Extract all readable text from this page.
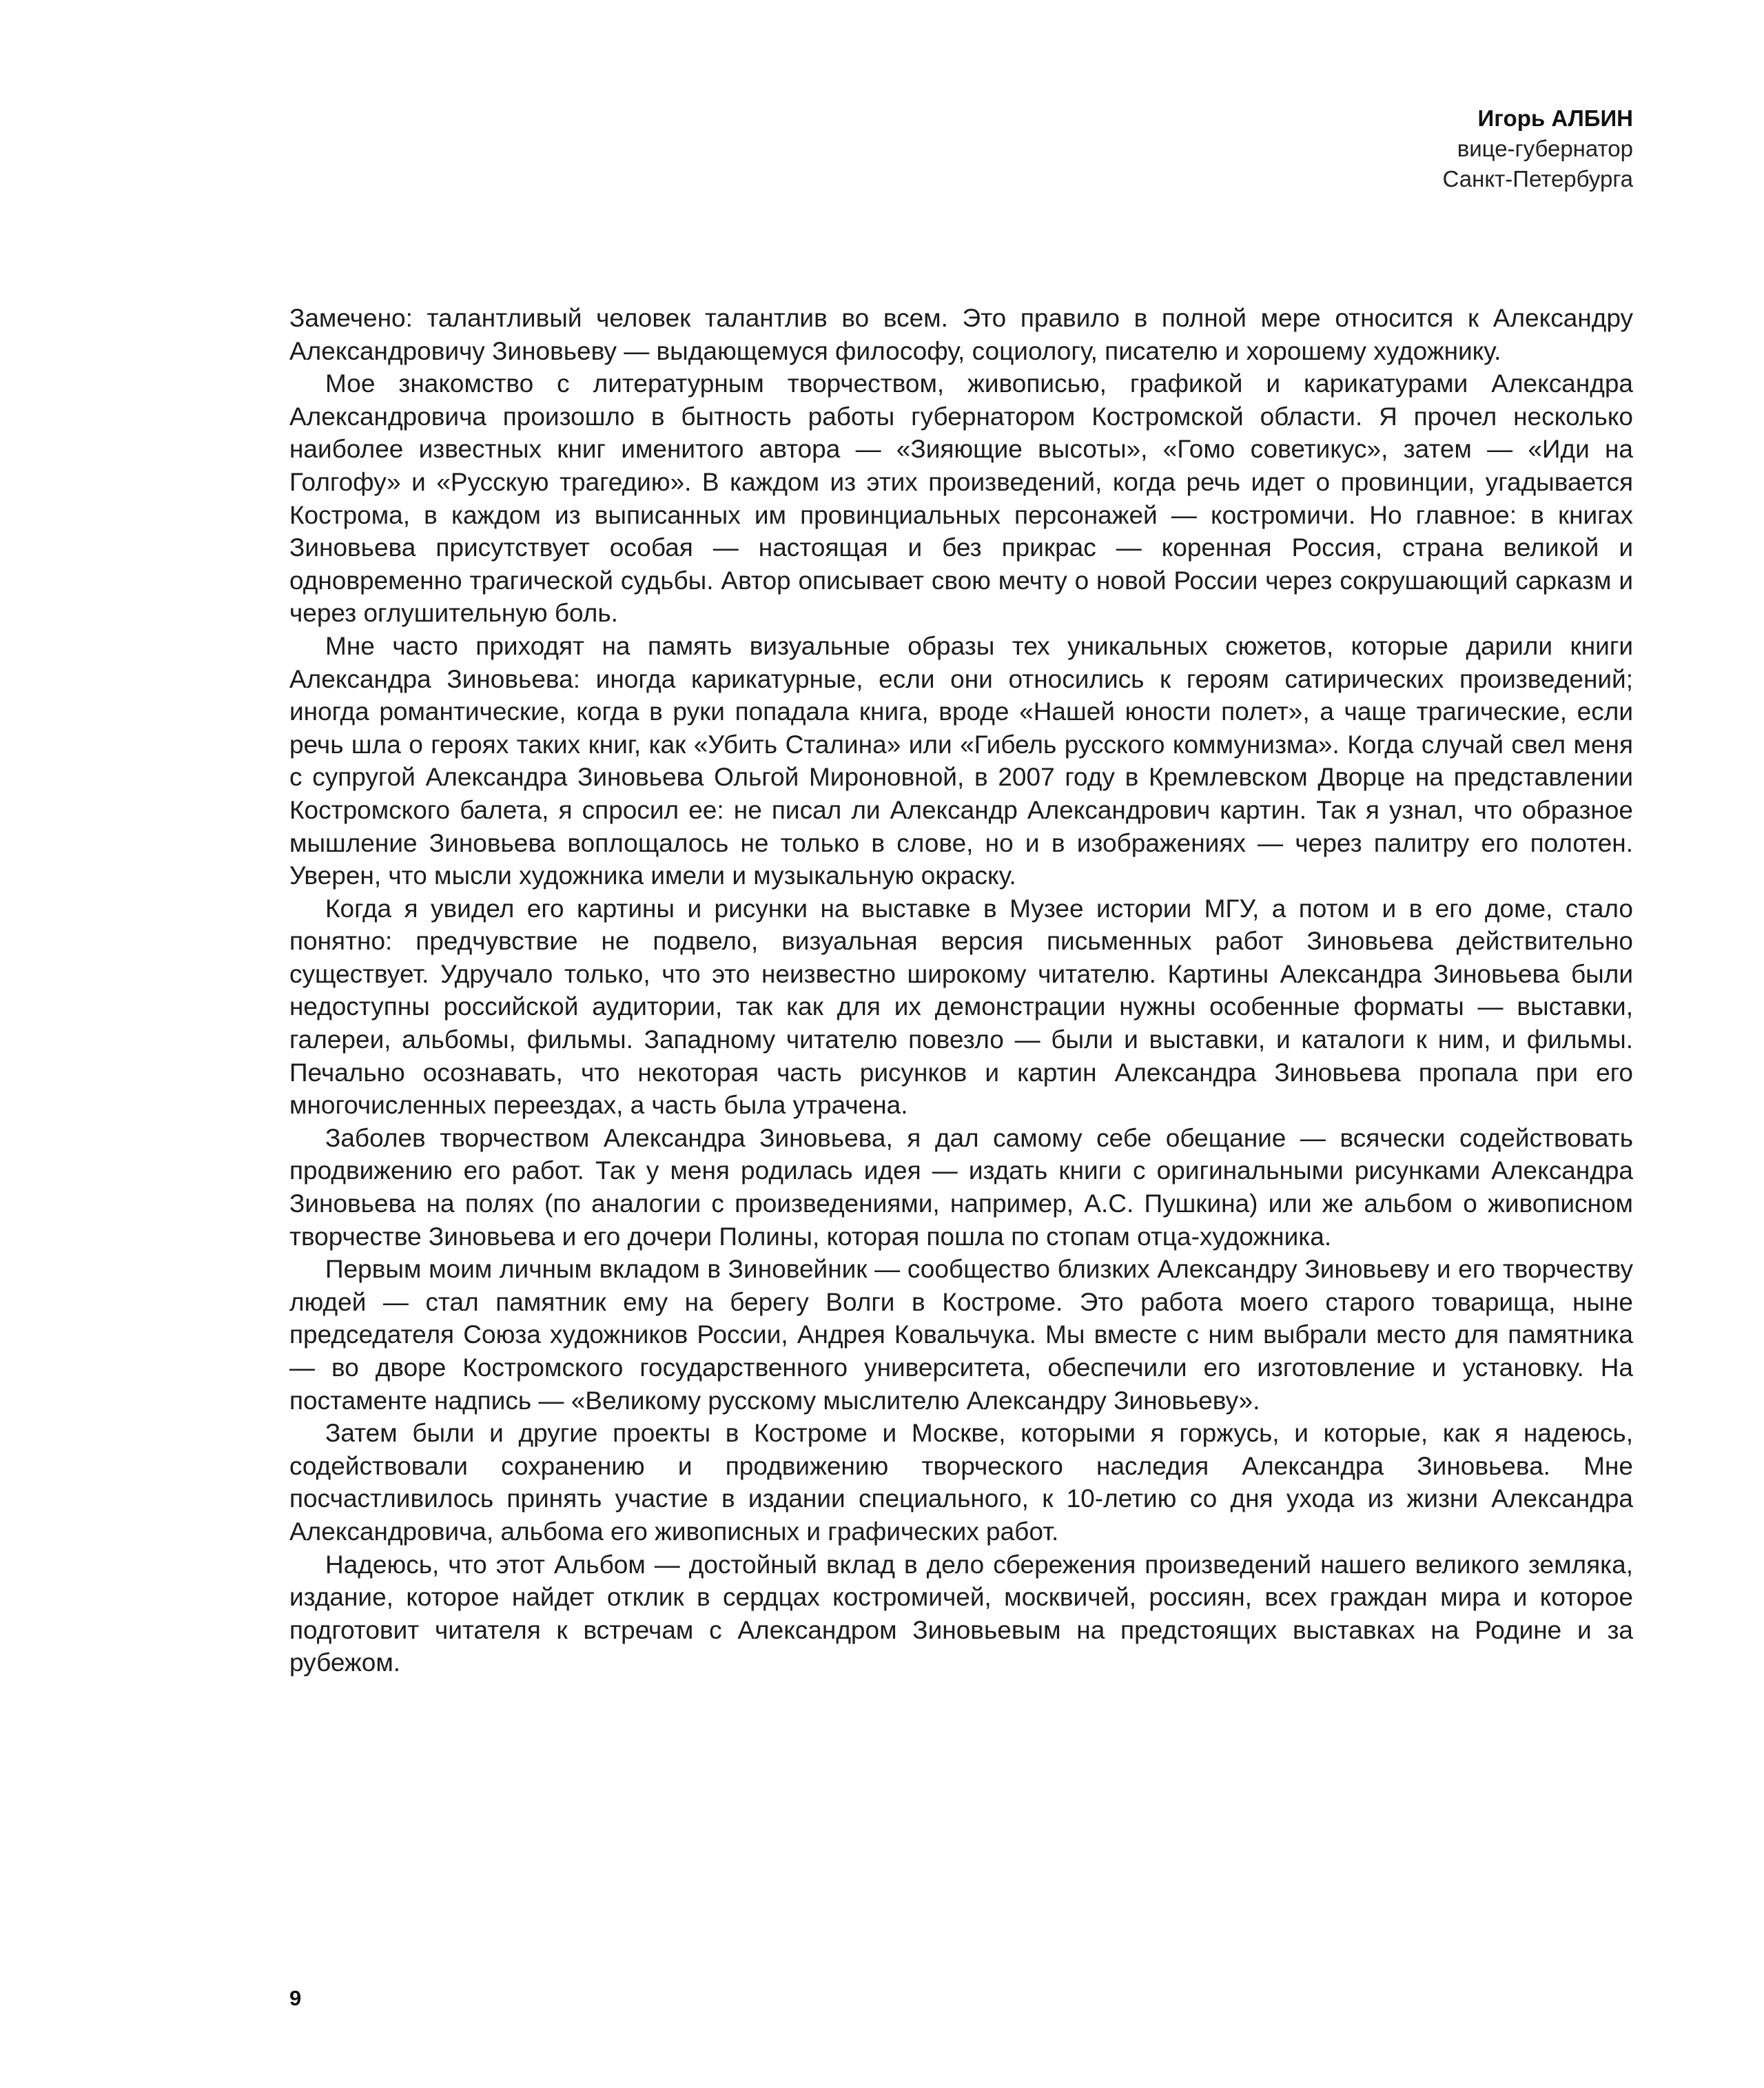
Игорь АЛБИН
вице-губернатор
Санкт-Петербурга

Замечено: талантливый человек талантлив во всем. Это правило в полной мере относится к Александру Александровичу Зиновьеву — выдающемуся философу, социологу, писателю и хорошему художнику.

Мое знакомство с литературным творчеством, живописью, графикой и карикатурами Александра Александровича произошло в бытность работы губернатором Костромской области. Я прочел несколько наиболее известных книг именитого автора — «Зияющие высоты», «Гомо советикус», затем — «Иди на Голгофу» и «Русскую трагедию». В каждом из этих произведений, когда речь идет о провинции, угадывается Кострома, в каждом из выписанных им провинциальных персонажей — костромичи. Но главное: в книгах Зиновьева присутствует особая — настоящая и без прикрас — коренная Россия, страна великой и одновременно трагической судьбы. Автор описывает свою мечту о новой России через сокрушающий сарказм и через оглушительную боль.

Мне часто приходят на память визуальные образы тех уникальных сюжетов, которые дарили книги Александра Зиновьева: иногда карикатурные, если они относились к героям сатирических произведений; иногда романтические, когда в руки попадала книга, вроде «Нашей юности полет», а чаще трагические, если речь шла о героях таких книг, как «Убить Сталина» или «Гибель русского коммунизма». Когда случай свел меня с супругой Александра Зиновьева Ольгой Мироновной, в 2007 году в Кремлевском Дворце на представлении Костромского балета, я спросил ее: не писал ли Александр Александрович картин. Так я узнал, что образное мышление Зиновьева воплощалось не только в слове, но и в изображениях — через палитру его полотен. Уверен, что мысли художника имели и музыкальную окраску.

Когда я увидел его картины и рисунки на выставке в Музее истории МГУ, а потом и в его доме, стало понятно: предчувствие не подвело, визуальная версия письменных работ Зиновьева действительно существует. Удручало только, что это неизвестно широкому читателю. Картины Александра Зиновьева были недоступны российской аудитории, так как для их демонстрации нужны особенные форматы — выставки, галереи, альбомы, фильмы. Западному читателю повезло — были и выставки, и каталоги к ним, и фильмы. Печально осознавать, что некоторая часть рисунков и картин Александра Зиновьева пропала при его многочисленных переездах, а часть была утрачена.

Заболев творчеством Александра Зиновьева, я дал самому себе обещание — всячески содействовать продвижению его работ. Так у меня родилась идея — издать книги с оригинальными рисунками Александра Зиновьева на полях (по аналогии с произведениями, например, А.С. Пушкина) или же альбом о живописном творчестве Зиновьева и его дочери Полины, которая пошла по стопам отца-художника.

Первым моим личным вкладом в Зиновейник — сообщество близких Александру Зиновьеву и его творчеству людей — стал памятник ему на берегу Волги в Костроме. Это работа моего старого товарища, ныне председателя Союза художников России, Андрея Ковальчука. Мы вместе с ним выбрали место для памятника — во дворе Костромского государственного университета, обеспечили его изготовление и установку. На постаменте надпись — «Великому русскому мыслителю Александру Зиновьеву».

Затем были и другие проекты в Костроме и Москве, которыми я горжусь, и которые, как я надеюсь, содействовали сохранению и продвижению творческого наследия Александра Зиновьева. Мне посчастливилось принять участие в издании специального, к 10-летию со дня ухода из жизни Александра Александровича, альбома его живописных и графических работ.

Надеюсь, что этот Альбом — достойный вклад в дело сбережения произведений нашего великого земляка, издание, которое найдет отклик в сердцах костромичей, москвичей, россиян, всех граждан мира и которое подготовит читателя к встречам с Александром Зиновьевым на предстоящих выставках на Родине и за рубежом.

9
